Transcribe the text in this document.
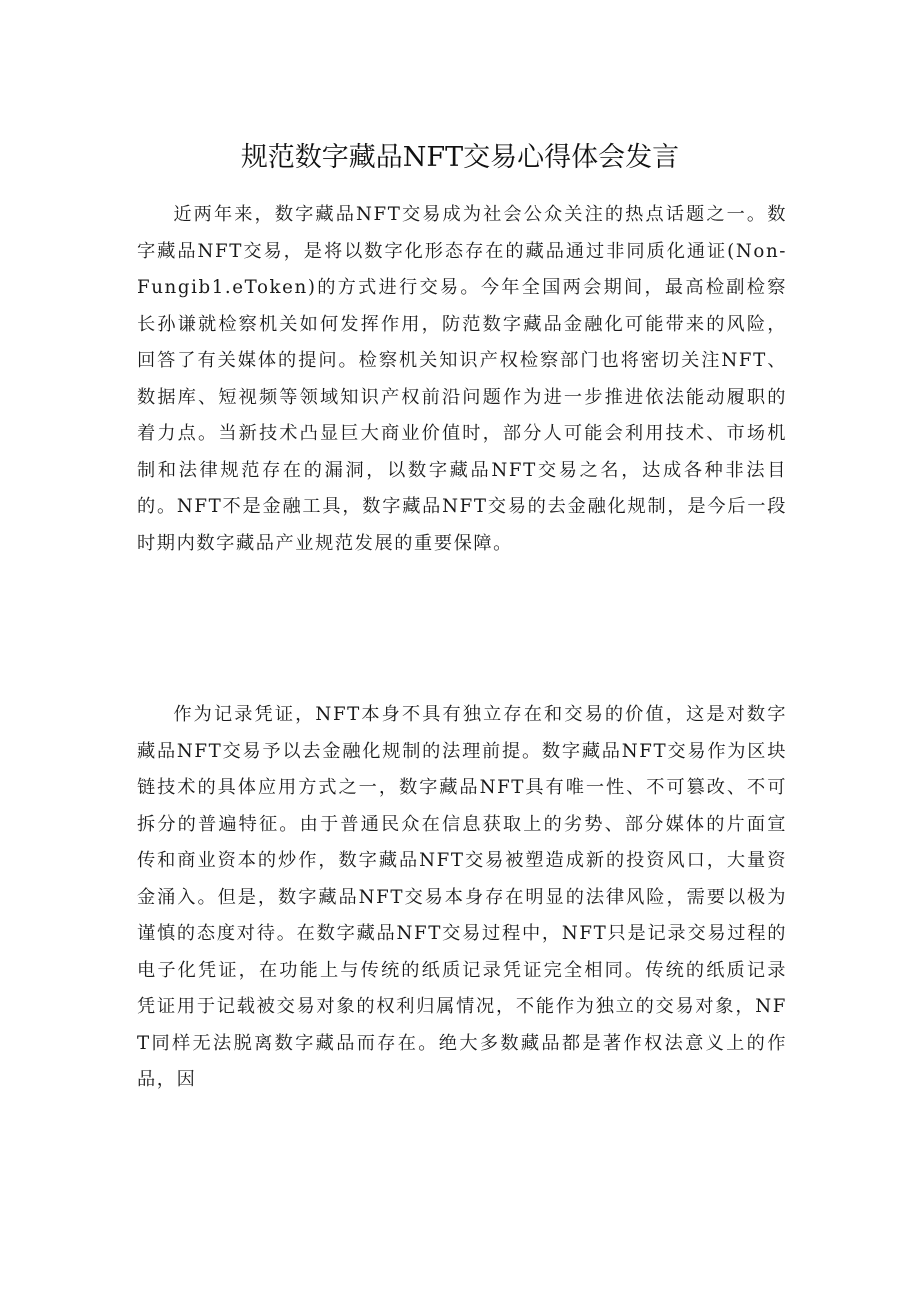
规范数字藏品NFT交易心得体会发言

近两年来，数字藏品NFT交易成为社会公众关注的热点话题之一。数字藏品NFT交易，是将以数字化形态存在的藏品通过非同质化通证(Non-Fungib1.eToken)的方式进行交易。今年全国两会期间，最高检副检察长孙谦就检察机关如何发挥作用，防范数字藏品金融化可能带来的风险，回答了有关媒体的提问。检察机关知识产权检察部门也将密切关注NFT、数据库、短视频等领域知识产权前沿问题作为进一步推进依法能动履职的着力点。当新技术凸显巨大商业价值时，部分人可能会利用技术、市场机制和法律规范存在的漏洞，以数字藏品NFT交易之名，达成各种非法目的。NFT不是金融工具，数字藏品NFT交易的去金融化规制，是今后一段时期内数字藏品产业规范发展的重要保障。

作为记录凭证，NFT本身不具有独立存在和交易的价值，这是对数字藏品NFT交易予以去金融化规制的法理前提。数字藏品NFT交易作为区块链技术的具体应用方式之一，数字藏品NFT具有唯一性、不可篡改、不可拆分的普遍特征。由于普通民众在信息获取上的劣势、部分媒体的片面宣传和商业资本的炒作，数字藏品NFT交易被塑造成新的投资风口，大量资金涌入。但是，数字藏品NFT交易本身存在明显的法律风险，需要以极为谨慎的态度对待。在数字藏品NFT交易过程中，NFT只是记录交易过程的电子化凭证，在功能上与传统的纸质记录凭证完全相同。传统的纸质记录凭证用于记载被交易对象的权利归属情况，不能作为独立的交易对象，NFT同样无法脱离数字藏品而存在。绝大多数藏品都是著作权法意义上的作品，因
